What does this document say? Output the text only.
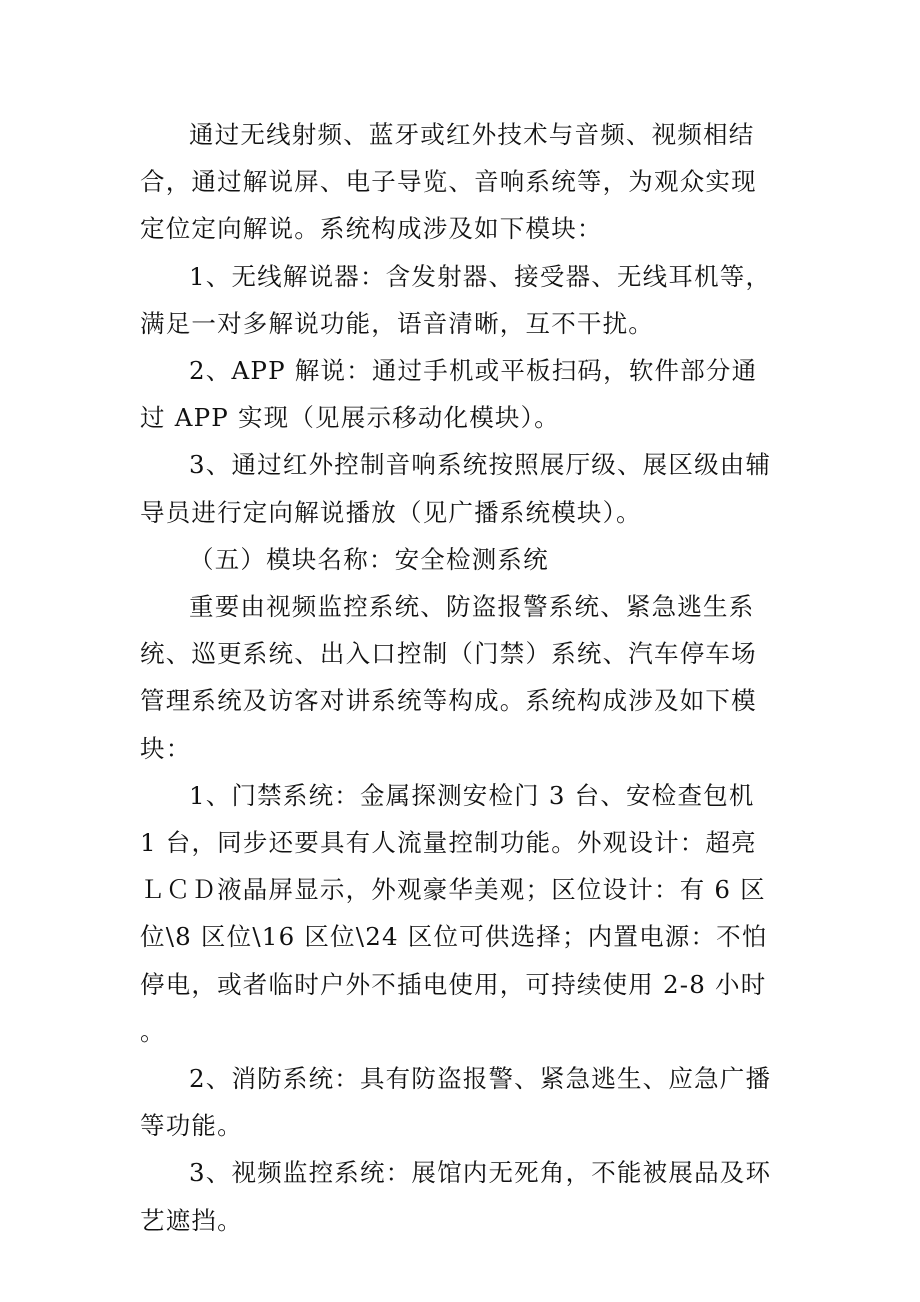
通过无线射频、蓝牙或红外技术与音频、视频相结合，通过解说屏、电子导览、音响系统等，为观众实现定位定向解说。系统构成涉及如下模块：

1、无线解说器：含发射器、接受器、无线耳机等，满足一对多解说功能，语音清晰，互不干扰。

2、APP 解说：通过手机或平板扫码，软件部分通过 APP 实现（见展示移动化模块）。

3、通过红外控制音响系统按照展厅级、展区级由辅导员进行定向解说播放（见广播系统模块）。

（五）模块名称：安全检测系统

重要由视频监控系统、防盗报警系统、紧急逃生系统、巡更系统、出入口控制（门禁）系统、汽车停车场管理系统及访客对讲系统等构成。系统构成涉及如下模块：

1、门禁系统：金属探测安检门 3 台、安检查包机 1 台，同步还要具有人流量控制功能。外观设计：超亮ＬＣＤ液晶屏显示，外观豪华美观；区位设计：有 6 区位\8 区位\16 区位\24 区位可供选择；内置电源：不怕停电，或者临时户外不插电使用，可持续使用 2-8 小时。

2、消防系统：具有防盗报警、紧急逃生、应急广播等功能。

3、视频监控系统：展馆内无死角，不能被展品及环艺遮挡。
